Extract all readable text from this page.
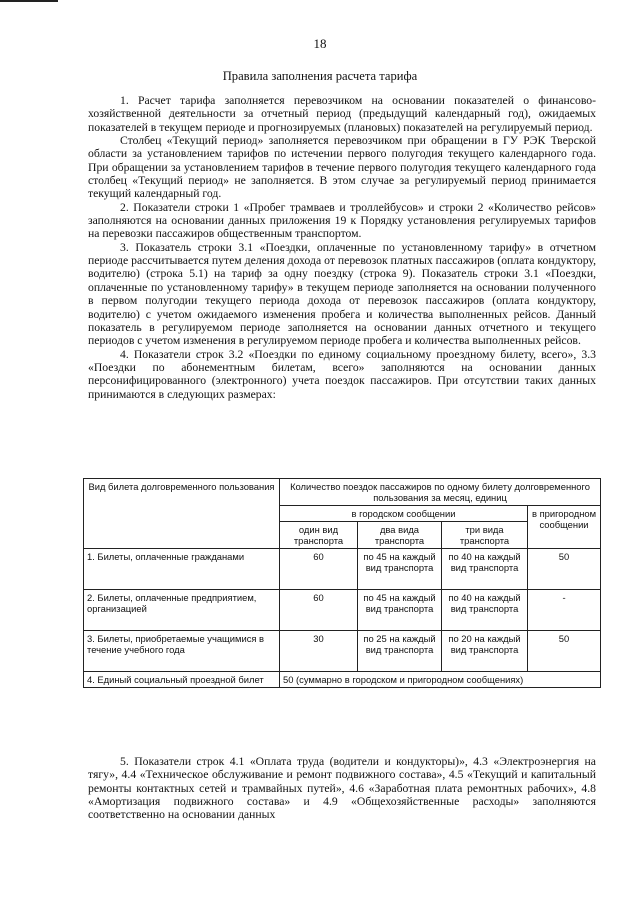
18
Правила заполнения расчета тарифа

1. Расчет тарифа заполняется перевозчиком на основании показателей о финансово-хозяйственной деятельности за отчетный период (предыдущий календарный год), ожидаемых показателей в текущем периоде и прогнозируемых (плановых) показателей на регулируемый период.

Столбец «Текущий период» заполняется перевозчиком при обращении в ГУ РЭК Тверской области за установлением тарифов по истечении первого полугодия текущего календарного года. При обращении за установлением тарифов в течение первого полугодия текущего календарного года столбец «Текущий период» не заполняется. В этом случае за регулируемый период принимается текущий календарный год.

2. Показатели строки 1 «Пробег трамваев и троллейбусов» и строки 2 «Количество рейсов» заполняются на основании данных приложения 19 к Порядку установления регулируемых тарифов на перевозки пассажиров общественным транспортом.

3. Показатель строки 3.1 «Поездки, оплаченные по установленному тарифу» в отчетном периоде рассчитывается путем деления дохода от перевозок платных пассажиров (оплата кондуктору, водителю) (строка 5.1) на тариф за одну поездку (строка 9). Показатель строки 3.1 «Поездки, оплаченные по установленному тарифу» в текущем периоде заполняется на основании полученного в первом полугодии текущего периода дохода от перевозок пассажиров (оплата кондуктору, водителю) с учетом ожидаемого изменения пробега и количества выполненных рейсов. Данный показатель в регулируемом периоде заполняется на основании данных отчетного и текущего периодов с учетом изменения в регулируемом периоде пробега и количества выполненных рейсов.

4. Показатели строк 3.2 «Поездки по единому социальному проездному билету, всего», 3.3 «Поездки по абонементным билетам, всего» заполняются на основании данных персонифицированного (электронного) учета поездок пассажиров. При отсутствии таких данных принимаются в следующих размерах:

Вид билета долговременного пользования	Количество поездок пассажиров по одному билету долговременного пользования за месяц, единиц			
	в городском сообщении			в пригородном сообщении
	один вид транспорта	два вида транспорта	три вида транспорта	
1. Билеты, оплаченные гражданами	60	по 45 на каждый вид транспорта	по 40 на каждый вид транспорта	50
2. Билеты, оплаченные предприятием, организацией	60	по 45 на каждый вид транспорта	по 40 на каждый вид транспорта	-
3. Билеты, приобретаемые учащимися в течение учебного года	30	по 25 на каждый вид транспорта	по 20 на каждый вид транспорта	50
4. Единый социальный проездной билет	50 (суммарно в городском и пригородном сообщениях)			

5. Показатели строк 4.1 «Оплата труда (водители и кондукторы)», 4.3 «Электроэнергия на тягу», 4.4 «Техническое обслуживание и ремонт подвижного состава», 4.5 «Текущий и капитальный ремонты контактных сетей и трамвайных путей», 4.6 «Заработная плата ремонтных рабочих», 4.8 «Амортизация подвижного состава» и 4.9 «Общехозяйственные расходы» заполняются соответственно на основании данных
